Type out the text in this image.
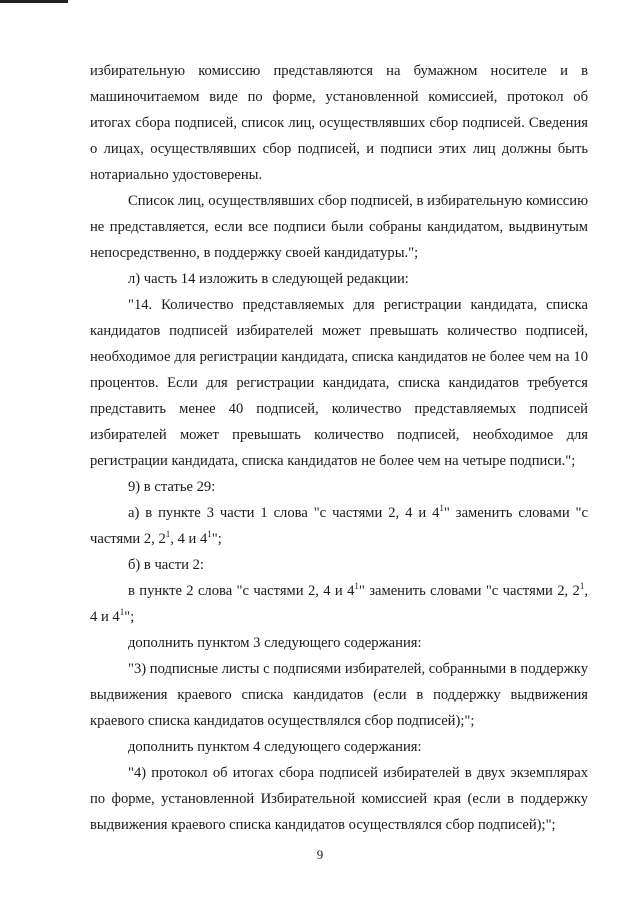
избирательную комиссию представляются на бумажном носителе и в машиночитаемом виде по форме, установленной комиссией, протокол об итогах сбора подписей, список лиц, осуществлявших сбор подписей. Сведения о лицах, осуществлявших сбор подписей, и подписи этих лиц должны быть нотариально удостоверены.

Список лиц, осуществлявших сбор подписей, в избирательную комиссию не представляется, если все подписи были собраны кандидатом, выдвинутым непосредственно, в поддержку своей кандидатуры.";

л) часть 14 изложить в следующей редакции:

"14. Количество представляемых для регистрации кандидата, списка кандидатов подписей избирателей может превышать количество подписей, необходимое для регистрации кандидата, списка кандидатов не более чем на 10 процентов. Если для регистрации кандидата, списка кандидатов требуется представить менее 40 подписей, количество представляемых подписей избирателей может превышать количество подписей, необходимое для регистрации кандидата, списка кандидатов не более чем на четыре подписи.";

9) в статье 29:

а) в пункте 3 части 1 слова "с частями 2, 4 и $4^1$" заменить словами "с частями 2, $2^1$, 4 и $4^1$";

б) в части 2:

в пункте 2 слова "с частями 2, 4 и $4^1$" заменить словами "с частями 2, $2^1$, 4 и $4^1$";

дополнить пунктом 3 следующего содержания:

"3) подписные листы с подписями избирателей, собранными в поддержку выдвижения краевого списка кандидатов (если в поддержку выдвижения краевого списка кандидатов осуществлялся сбор подписей);";

дополнить пунктом 4 следующего содержания:

"4) протокол об итогах сбора подписей избирателей в двух экземплярах по форме, установленной Избирательной комиссией края (если в поддержку выдвижения краевого списка кандидатов осуществлялся сбор подписей);";

9
